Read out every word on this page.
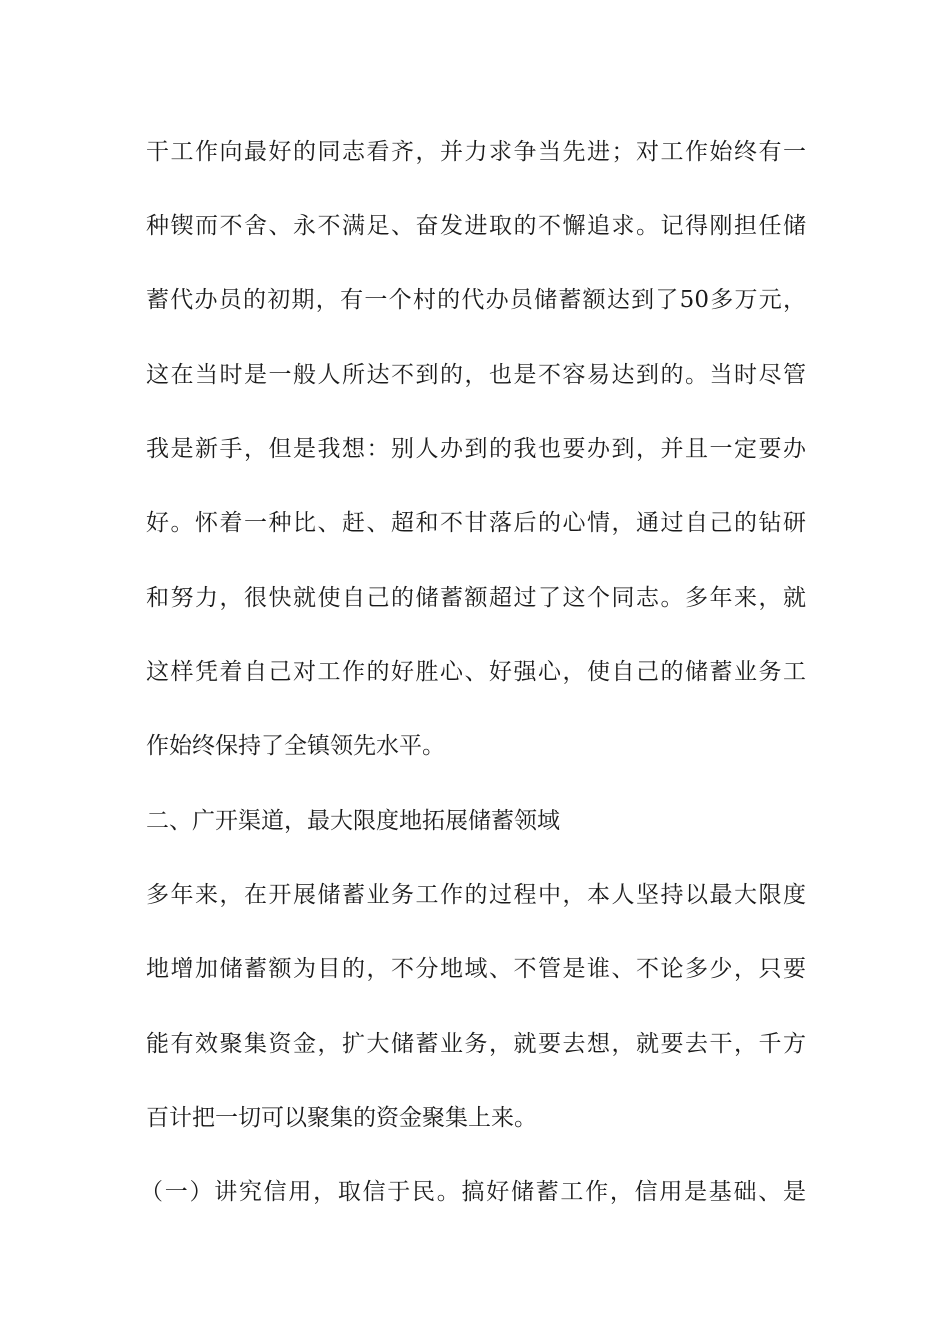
干工作向最好的同志看齐，并力求争当先进；对工作始终有一
种锲而不舍、永不满足、奋发进取的不懈追求。记得刚担任储
蓄代办员的初期，有一个村的代办员储蓄额达到了50多万元，
这在当时是一般人所达不到的，也是不容易达到的。当时尽管
我是新手，但是我想：别人办到的我也要办到，并且一定要办
好。怀着一种比、赶、超和不甘落后的心情，通过自己的钻研
和努力，很快就使自己的储蓄额超过了这个同志。多年来，就
这样凭着自己对工作的好胜心、好强心，使自己的储蓄业务工
作始终保持了全镇领先水平。
二、广开渠道，最大限度地拓展储蓄领域
多年来，在开展储蓄业务工作的过程中，本人坚持以最大限度
地增加储蓄额为目的，不分地域、不管是谁、不论多少，只要
能有效聚集资金，扩大储蓄业务，就要去想，就要去干，千方
百计把一切可以聚集的资金聚集上来。
（一）讲究信用，取信于民。搞好储蓄工作，信用是基础、是
